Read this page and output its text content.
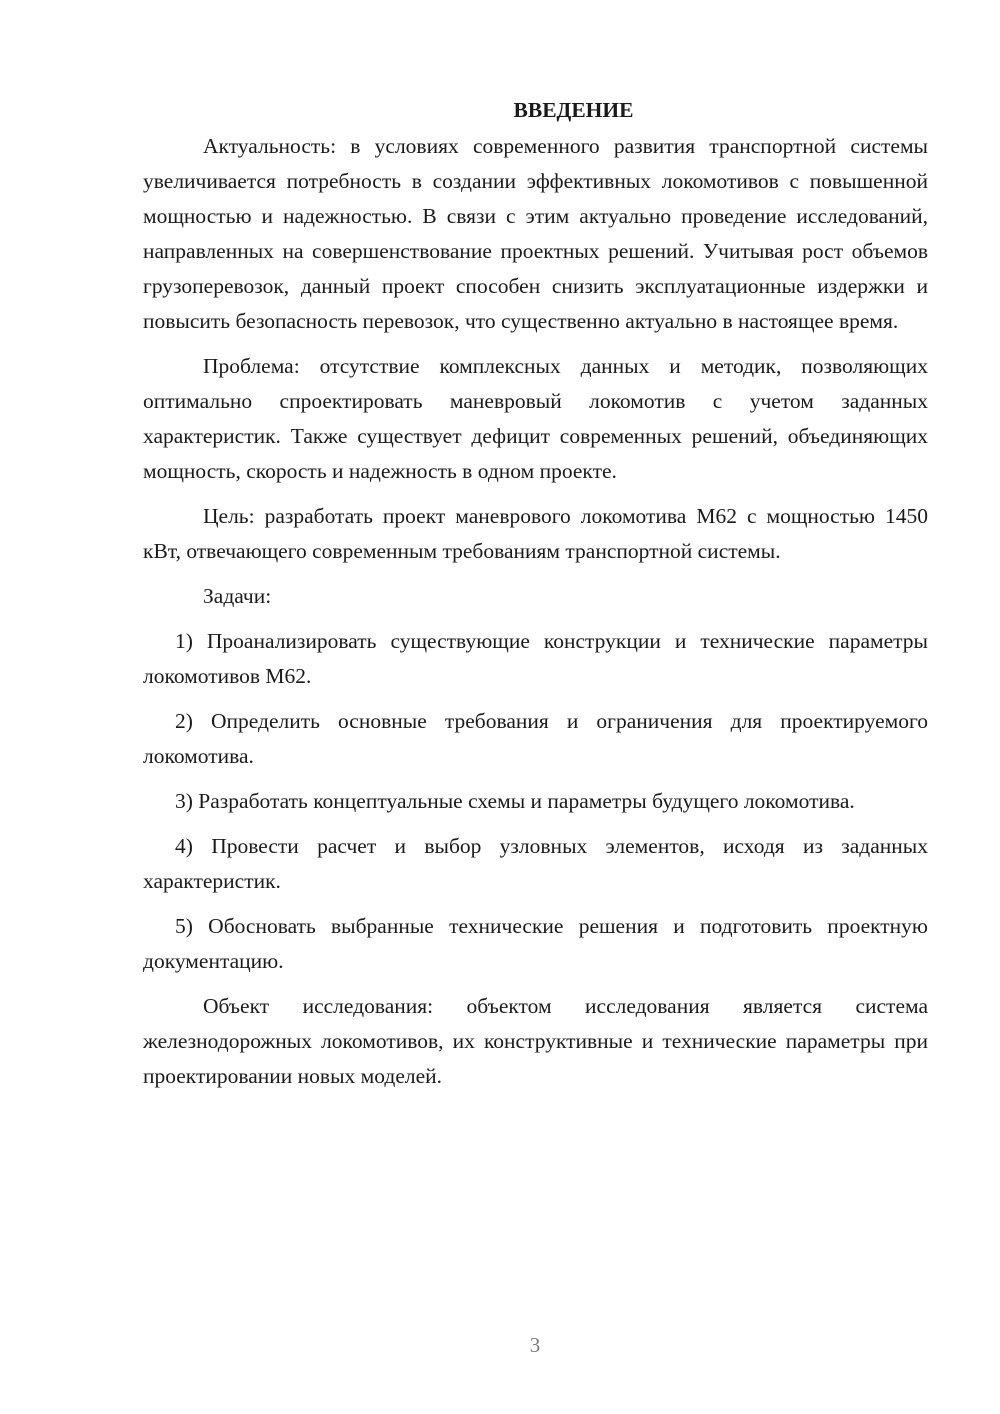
ВВЕДЕНИЕ

Актуальность: в условиях современного развития транспортной системы увеличивается потребность в создании эффективных локомотивов с повышенной мощностью и надежностью. В связи с этим актуально проведение исследований, направленных на совершенствование проектных решений. Учитывая рост объемов грузоперевозок, данный проект способен снизить эксплуатационные издержки и повысить безопасность перевозок, что существенно актуально в настоящее время.

Проблема: отсутствие комплексных данных и методик, позволяющих оптимально спроектировать маневровый локомотив с учетом заданных характеристик. Также существует дефицит современных решений, объединяющих мощность, скорость и надежность в одном проекте.

Цель: разработать проект маневрового локомотива М62 с мощностью 1450 кВт, отвечающего современным требованиям транспортной системы.

Задачи:

1) Проанализировать существующие конструкции и технические параметры локомотивов М62.

2) Определить основные требования и ограничения для проектируемого локомотива.

3) Разработать концептуальные схемы и параметры будущего локомотива.

4) Провести расчет и выбор узловных элементов, исходя из заданных характеристик.

5) Обосновать выбранные технические решения и подготовить проектную документацию.

Объект исследования: объектом исследования является система железнодорожных локомотивов, их конструктивные и технические параметры при проектировании новых моделей.

3
